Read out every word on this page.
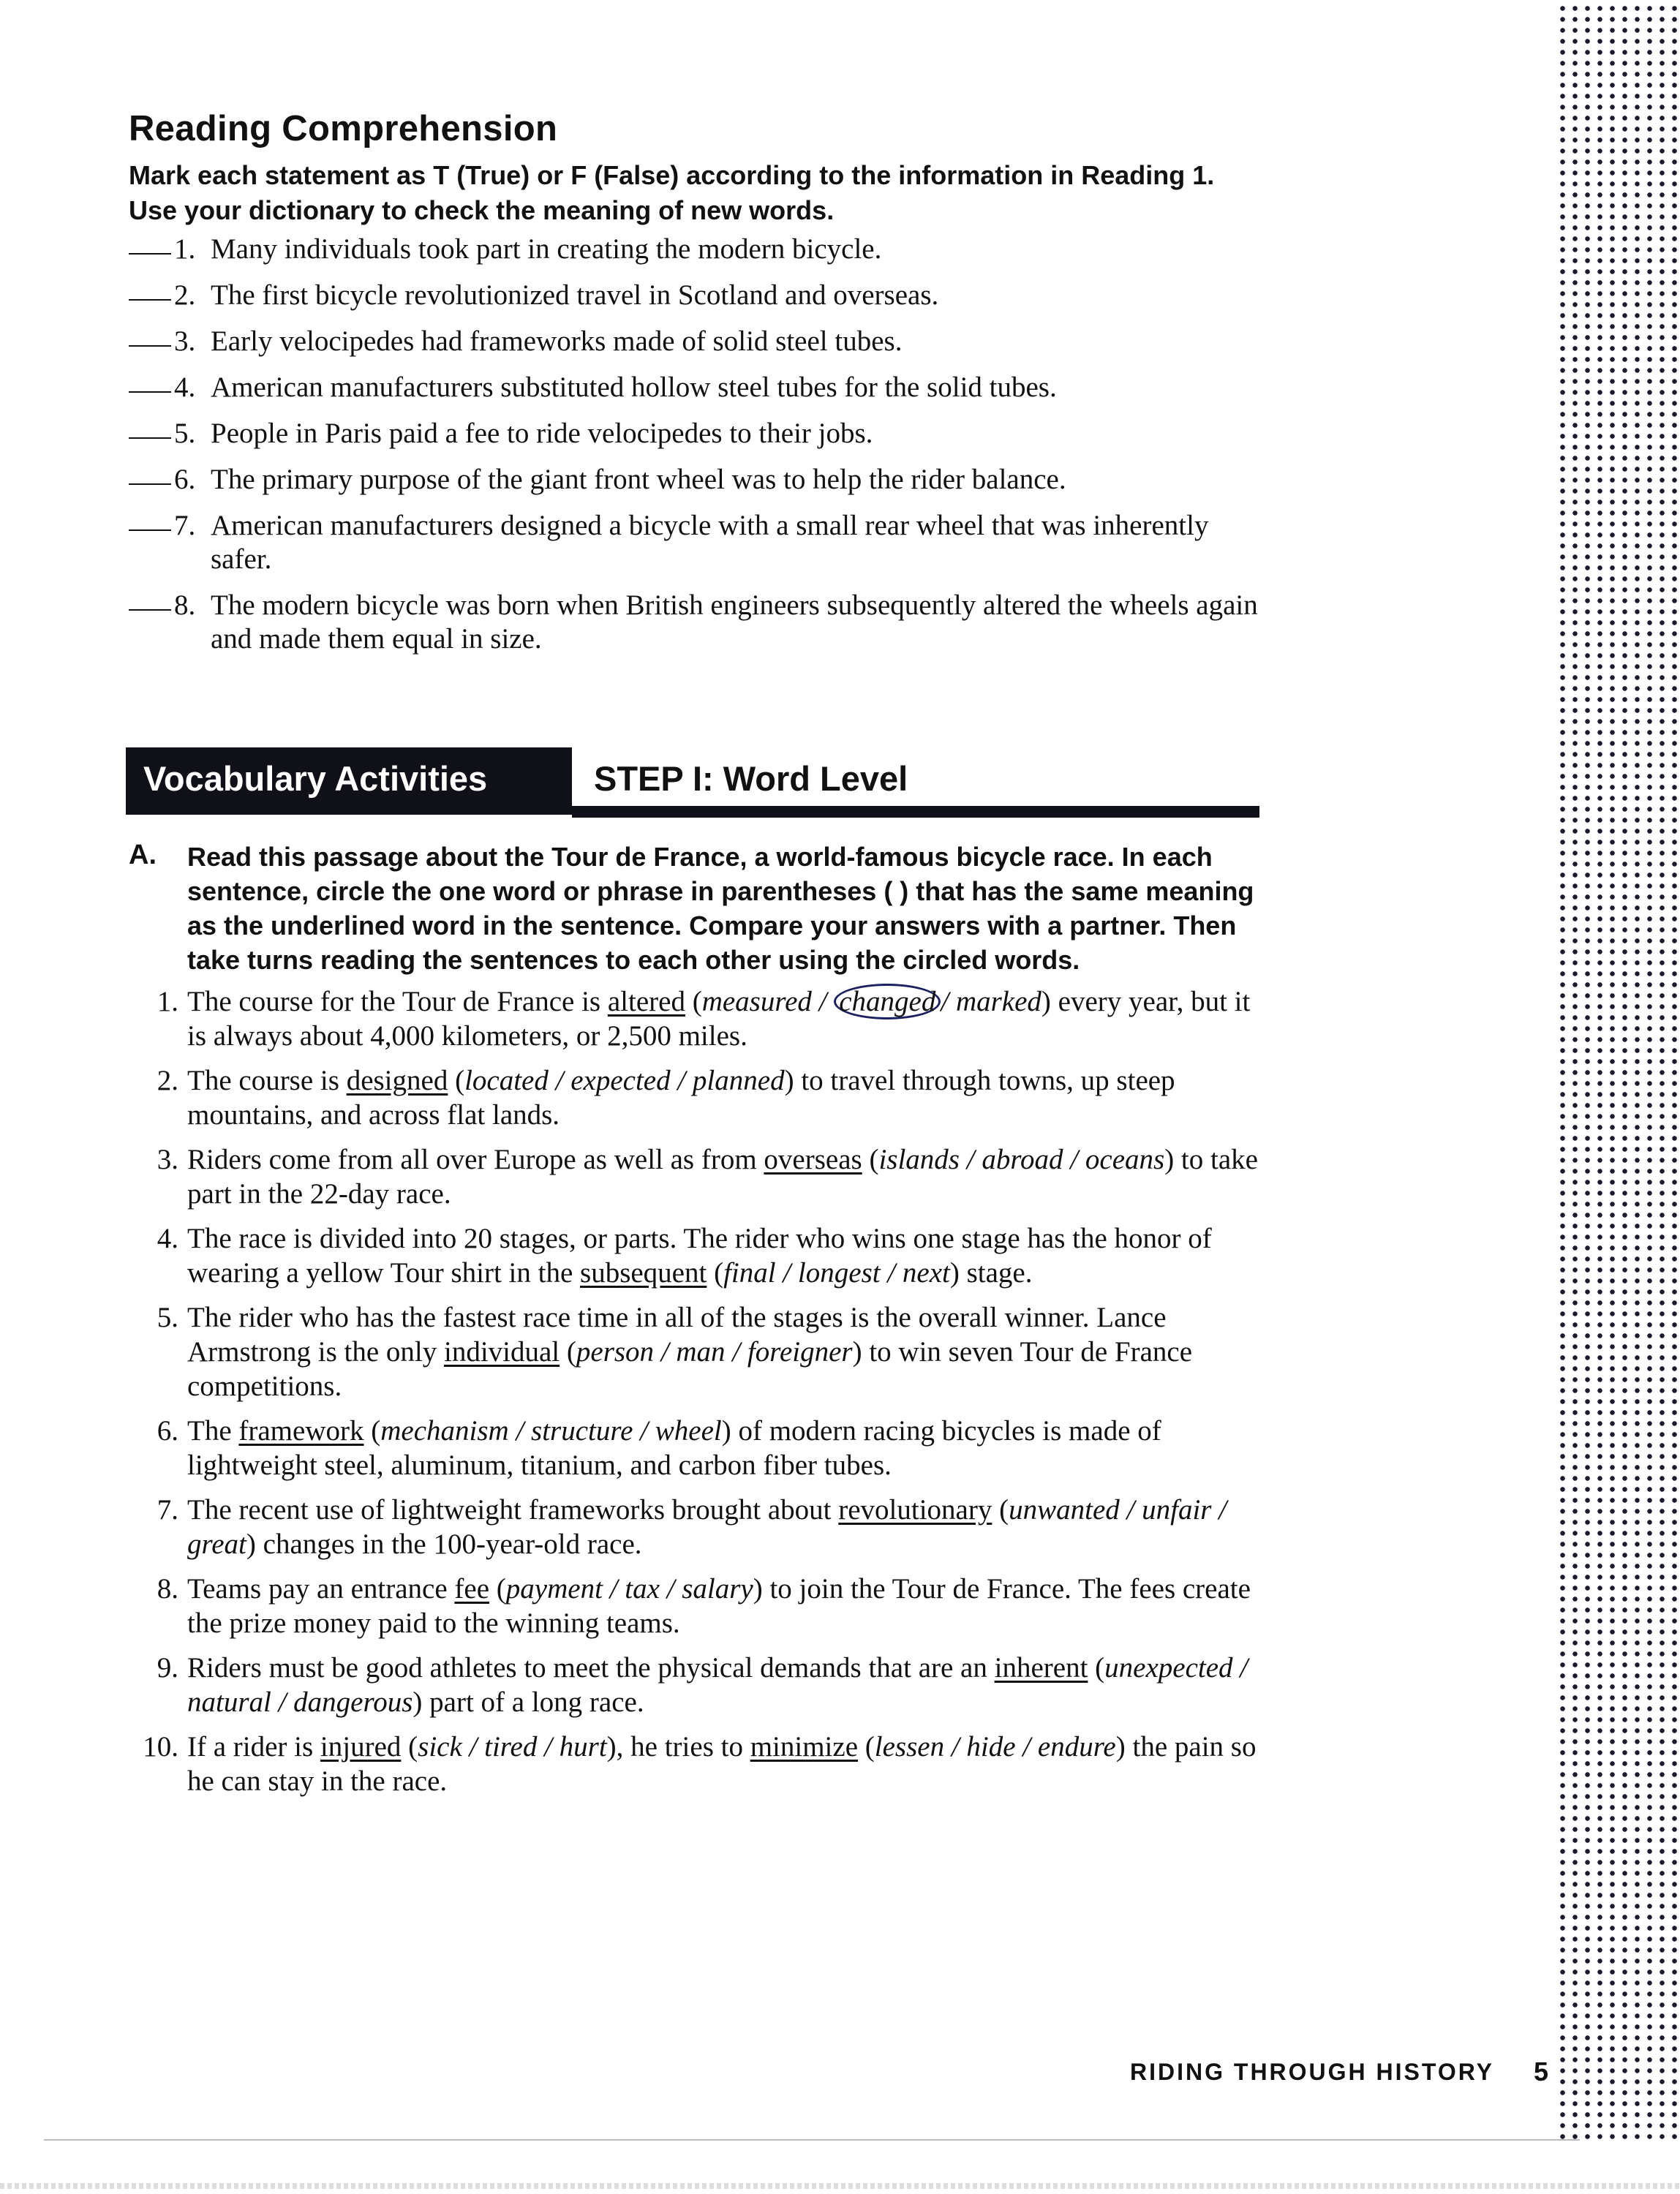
Reading Comprehension
Mark each statement as T (True) or F (False) according to the information in Reading 1. Use your dictionary to check the meaning of new words.
1. Many individuals took part in creating the modern bicycle.
2. The first bicycle revolutionized travel in Scotland and overseas.
3. Early velocipedes had frameworks made of solid steel tubes.
4. American manufacturers substituted hollow steel tubes for the solid tubes.
5. People in Paris paid a fee to ride velocipedes to their jobs.
6. The primary purpose of the giant front wheel was to help the rider balance.
7. American manufacturers designed a bicycle with a small rear wheel that was inherently safer.
8. The modern bicycle was born when British engineers subsequently altered the wheels again and made them equal in size.
Vocabulary Activities	STEP I: Word Level
A.	Read this passage about the Tour de France, a world-famous bicycle race. In each sentence, circle the one word or phrase in parentheses ( ) that has the same meaning as the underlined word in the sentence. Compare your answers with a partner. Then take turns reading the sentences to each other using the circled words.
1. The course for the Tour de France is altered (measured / changed / marked) every year, but it is always about 4,000 kilometers, or 2,500 miles.
2. The course is designed (located / expected / planned) to travel through towns, up steep mountains, and across flat lands.
3. Riders come from all over Europe as well as from overseas (islands / abroad / oceans) to take part in the 22-day race.
4. The race is divided into 20 stages, or parts. The rider who wins one stage has the honor of wearing a yellow Tour shirt in the subsequent (final / longest / next) stage.
5. The rider who has the fastest race time in all of the stages is the overall winner. Lance Armstrong is the only individual (person / man / foreigner) to win seven Tour de France competitions.
6. The framework (mechanism / structure / wheel) of modern racing bicycles is made of lightweight steel, aluminum, titanium, and carbon fiber tubes.
7. The recent use of lightweight frameworks brought about revolutionary (unwanted / unfair / great) changes in the 100-year-old race.
8. Teams pay an entrance fee (payment / tax / salary) to join the Tour de France. The fees create the prize money paid to the winning teams.
9. Riders must be good athletes to meet the physical demands that are an inherent (unexpected / natural / dangerous) part of a long race.
10. If a rider is injured (sick / tired / hurt), he tries to minimize (lessen / hide / endure) the pain so he can stay in the race.
RIDING THROUGH HISTORY 5
